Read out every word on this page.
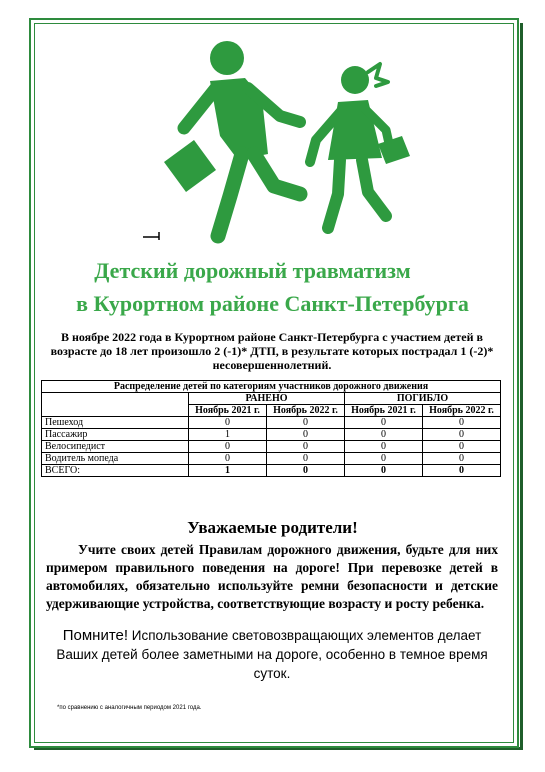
Детский дорожный травматизм
в Курортном районе Санкт-Петербурга
В ноябре 2022 года в Курортном районе Санкт-Петербурга с участием детей в возрасте до 18 лет произошло 2 (-1)* ДТП, в результате которых пострадал 1 (-2)* несовершеннолетний.
Распределение детей по категориям участников дорожного движения				
	РАНЕНО		ПОГИБЛО	
	Ноябрь 2021 г.	Ноябрь 2022 г.	Ноябрь 2021 г.	Ноябрь 2022 г.
Пешеход	0	0	0	0
Пассажир	1	0	0	0
Велосипедист	0	0	0	0
Водитель мопеда	0	0	0	0
ВСЕГО:	1	0	0	0
Уважаемые родители!
Учите своих детей Правилам дорожного движения, будьте для них примером правильного поведения на дороге! При перевозке детей в автомобилях, обязательно используйте ремни безопасности и детские удерживающие устройства, соответствующие возрасту и росту ребенка.
Помните! Использование световозвращающих элементов делает Ваших детей более заметными на дороге, особенно в темное время суток.
*по сравнению с аналогичным периодом 2021 года.
